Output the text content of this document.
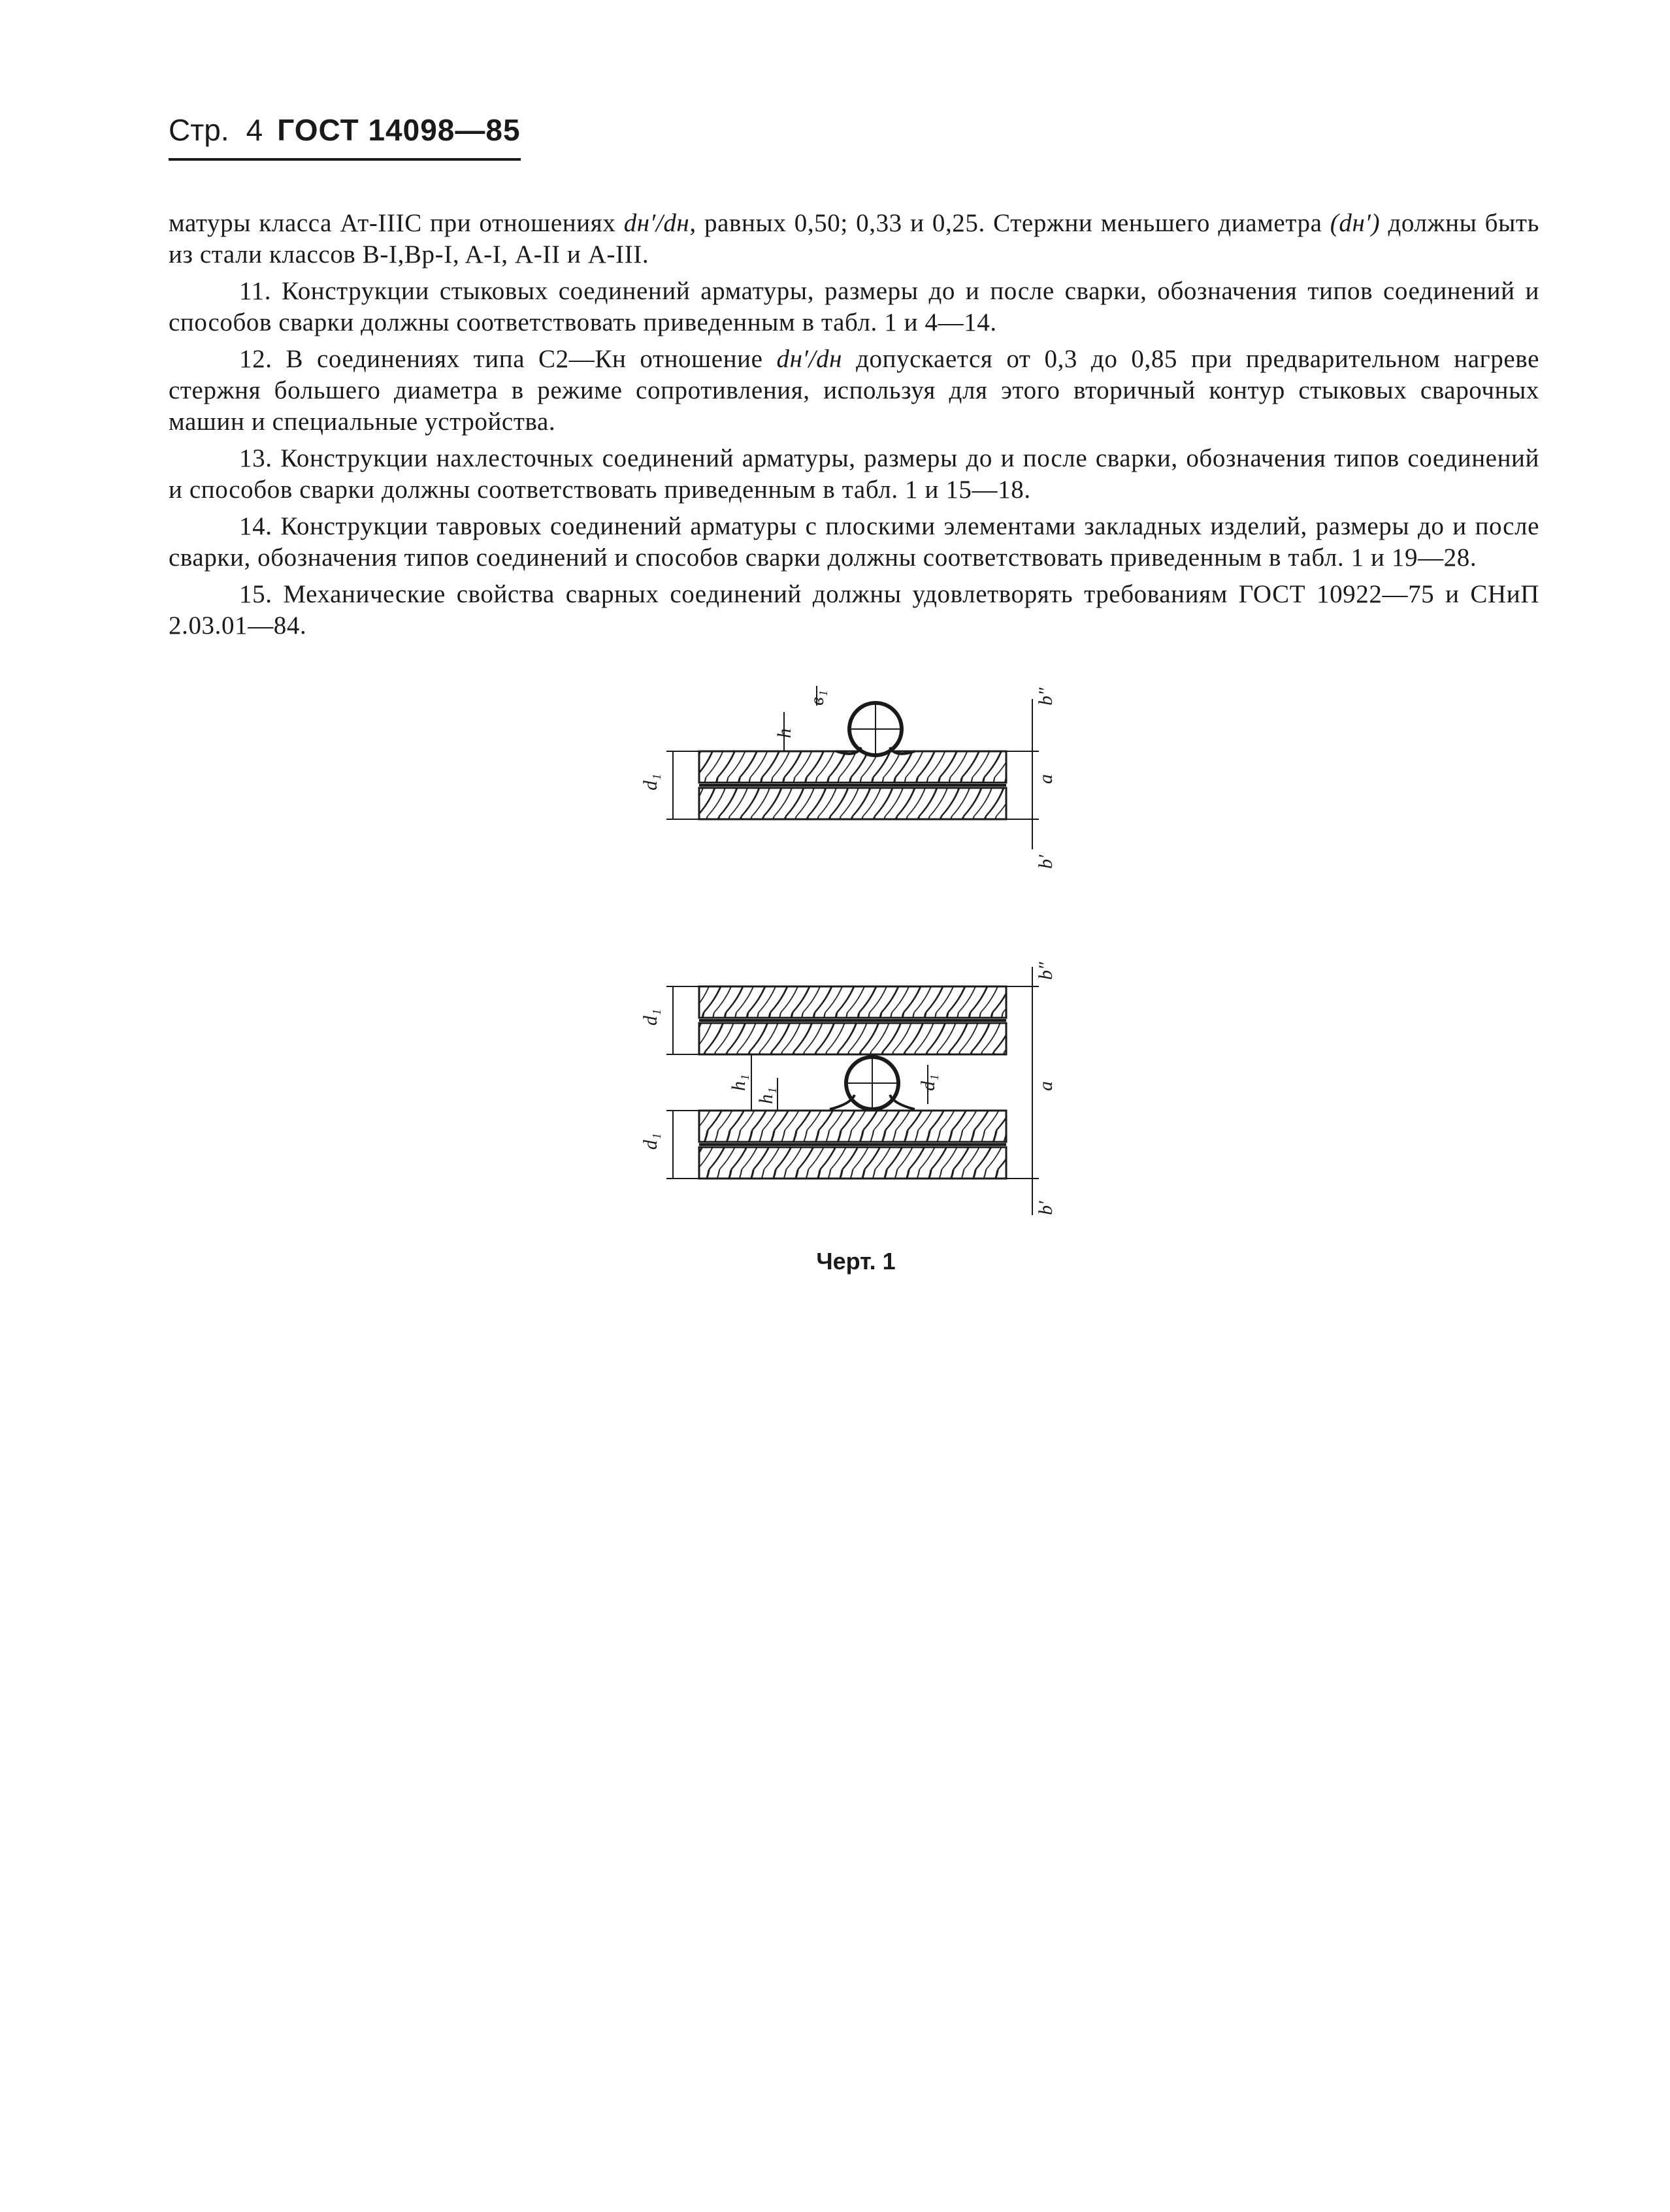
Стр. 4 ГОСТ 14098—85

матуры класса Ат-IIIС при отношениях dн′/dн, равных 0,50; 0,33 и 0,25. Стержни меньшего диаметра (dн′) должны быть из стали классов В-I,Вр-I, A-I, А-II и А-III.

11. Конструкции стыковых соединений арматуры, размеры до и после сварки, обозначения типов соединений и способов сварки должны соответствовать приведенным в табл. 1 и 4—14.

12. В соединениях типа С2—Кн отношение dн′/dн допускается от 0,3 до 0,85 при предварительном нагреве стержня большего диаметра в режиме сопротивления, используя для этого вторичный контур стыковых сварочных машин и специальные устройства.

13. Конструкции нахлесточных соединений арматуры, размеры до и после сварки, обозначения типов соединений и способов сварки должны соответствовать приведенным в табл. 1 и 15—18.

14. Конструкции тавровых соединений арматуры с плоскими элементами закладных изделий, размеры до и после сварки, обозначения типов соединений и способов сварки должны соответствовать приведенным в табл. 1 и 19—28.

15. Механические свойства сварных соединений должны удовлетворять требованиям ГОСТ 10922—75 и СНиП 2.03.01—84.

d₁	a
h
в₁	b″
b′
d₁
d₁
h₁
h₁
d₁	a
b″
b′
Черт. 1
